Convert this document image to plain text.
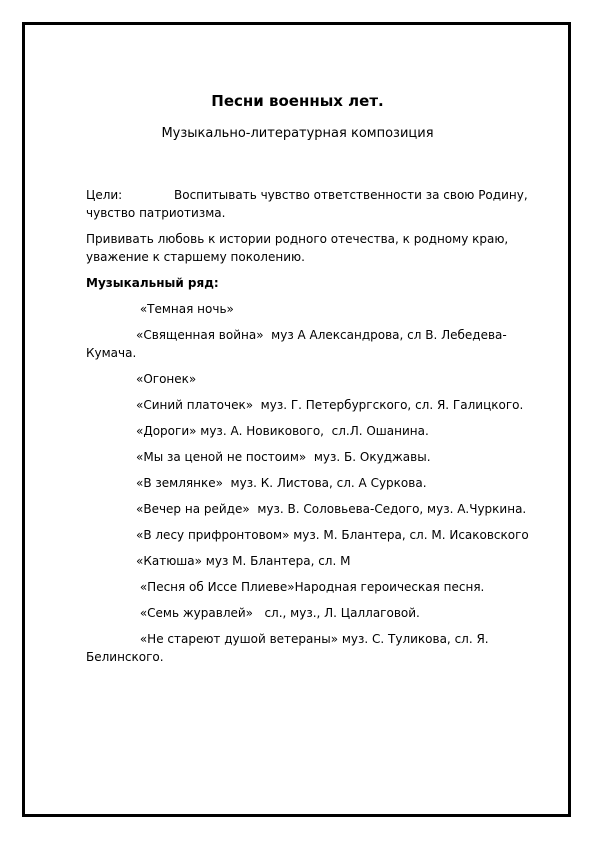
Песни военных лет.
Музыкально-литературная композиция

Цели:	Воспитывать чувство ответственности за свою Родину, чувство патриотизма.

Прививать любовь к истории родного отечества, к родному краю, уважение к старшему поколению.

Музыкальный ряд:

«Темная ночь»

«Священная война»  муз А Александрова, сл В. Лебедева-Кумача.

«Огонек»

«Синий платочек»  муз. Г. Петербургского, сл. Я. Галицкого.

«Дороги» муз. А. Новикового,  сл.Л. Ошанина.

«Мы за ценой не постоим»  муз. Б. Окуджавы.

«В землянке»  муз. К. Листова, сл. А Суркова.

«Вечер на рейде»  муз. В. Соловьева-Седого, муз. А.Чуркина.

«В лесу прифронтовом» муз. М. Блантера, сл. М. Исаковского

«Катюша» муз М. Блантера, сл. М

«Песня об Иссе Плиеве»Народная героическая песня.

«Семь журавлей»   сл., муз., Л. Цаллаговой.

«Не стареют душой ветераны» муз. С. Туликова, сл. Я. Белинского.
